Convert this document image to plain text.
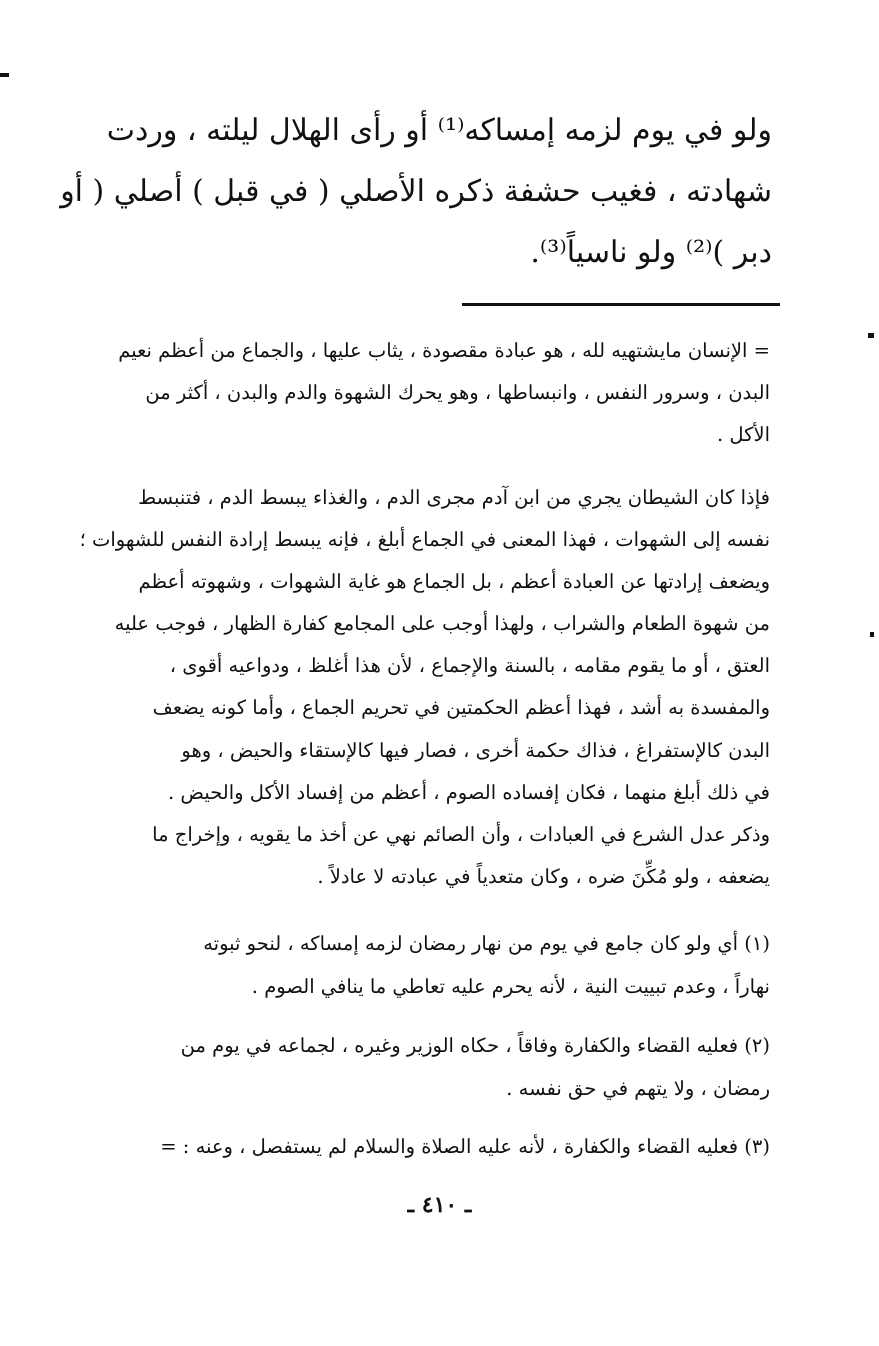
ولو في يوم لزمه إمساكه⁽¹⁾ أو رأى الهلال ليلته ، وردت
شهادته ، فغيب حشفة ذكره الأصلي ( في قبل ) أصلي ( أو
دبر )⁽²⁾ ولو ناسياً⁽³⁾.
= الإنسان مايشتهيه لله ، هو عبادة مقصودة ، يثاب عليها ، والجماع من أعظم نعيم
البدن ، وسرور النفس ، وانبساطها ، وهو يحرك الشهوة والدم والبدن ، أكثر من
الأكل .
فإذا كان الشيطان يجري من ابن آدم مجرى الدم ، والغذاء يبسط الدم ، فتنبسط
نفسه إلى الشهوات ، فهذا المعنى في الجماع أبلغ ، فإنه يبسط إرادة النفس للشهوات ؛
ويضعف إرادتها عن العبادة أعظم ، بل الجماع هو غاية الشهوات ، وشهوته أعظم
من شهوة الطعام والشراب ، ولهذا أوجب على المجامع كفارة الظهار ، فوجب عليه
العتق ، أو ما يقوم مقامه ، بالسنة والإجماع ، لأن هذا أغلظ ، ودواعيه أقوى ،
والمفسدة به أشد ، فهذا أعظم الحكمتين في تحريم الجماع ، وأما كونه يضعف
البدن كالإستفراغ ، فذاك حكمة أخرى ، فصار فيها كالإستقاء والحيض ، وهو
في ذلك أبلغ منهما ، فكان إفساده الصوم ، أعظم من إفساد الأكل والحيض .
وذكر عدل الشرع في العبادات ، وأن الصائم نهي عن أخذ ما يقويه ، وإخراج ما
يضعفه ، ولو مُكِّنَ ضره ، وكان متعدياً في عبادته لا عادلاً .
(١) أي ولو كان جامع في يوم من نهار رمضان لزمه إمساكه ، لنحو ثبوته
نهاراً ، وعدم تبييت النية ، لأنه يحرم عليه تعاطي ما ينافي الصوم .
(٢) فعليه القضاء والكفارة وفاقاً ، حكاه الوزير وغيره ، لجماعه في يوم من
رمضان ، ولا يتهم في حق نفسه .
(٣) فعليه القضاء والكفارة ، لأنه عليه الصلاة والسلام لم يستفصل ، وعنه : =
ـ ٤١٠ ـ
